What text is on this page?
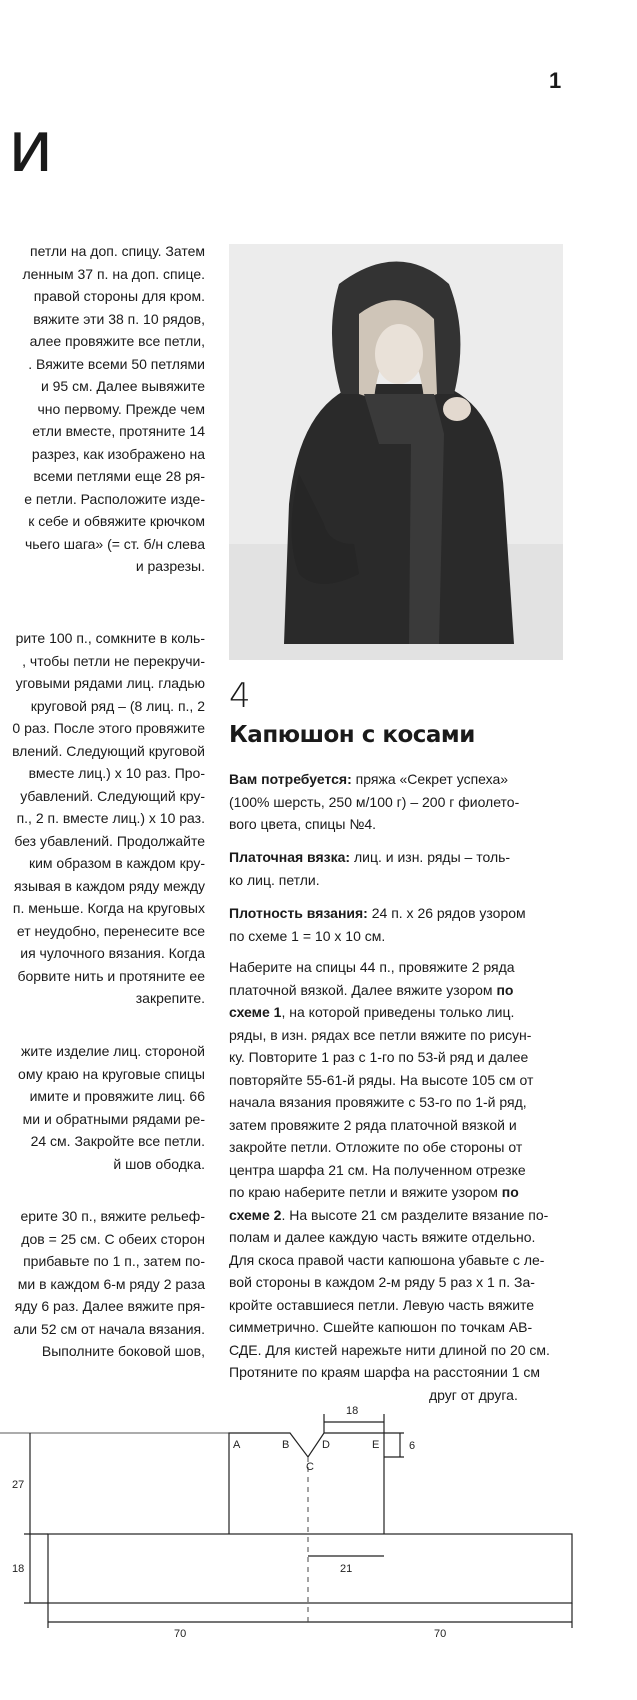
1
и
петли на доп. спицу. Затем
ленным 37 п. на доп. спице.
правой стороны для кром.
вяжите эти 38 п. 10 рядов,
алее провяжите все петли,
. Вяжите всеми 50 петлями
и 95 см. Далее вывяжите
чно первому. Прежде чем
етли вместе, протяните 14
разрез, как изображено на
всеми петлями еще 28 ря-
е петли. Расположите изде-
к себе и обвяжите крючком
чьего шага» (= ст. б/н слева
и разрезы.
рите 100 п., сомкните в коль-
, чтобы петли не перекручи-
уговыми рядами лиц. гладью
круговой ряд – (8 лиц. п., 2
0 раз. После этого провяжите
влений. Следующий круговой
вместе лиц.) х 10 раз. Про-
убавлений. Следующий кру-
п., 2 п. вместе лиц.) х 10 раз.
без убавлений. Продолжайте
ким образом в каждом кру-
язывая в каждом ряду между
п. меньше. Когда на круговых
ет неудобно, перенесите все
ия чулочного вязания. Когда
борвите нить и протяните ее
закрепите.
жите изделие лиц. стороной
ому краю на круговые спицы
имите и провяжите лиц. 66
ми и обратными рядами ре-
24 см. Закройте все петли.
й шов ободка.
ерите 30 п., вяжите рельеф-
дов = 25 см. С обеих сторон
прибавьте по 1 п., затем по-
ми в каждом 6-м ряду 2 раза
яду 6 раз. Далее вяжите пря-
али 52 см от начала вязания.
Выполните боковой шов,
4
Капюшон с косами
Вам потребуется: пряжа «Секрет успеха»
(100% шерсть, 250 м/100 г) – 200 г фиолето-
вого цвета, спицы №4.
Платочная вязка: лиц. и изн. ряды – толь-
ко лиц. петли.
Плотность вязания: 24 п. х 26 рядов узором
по схеме 1 = 10 х 10 см.
Наберите на спицы 44 п., провяжите 2 ряда
платочной вязкой. Далее вяжите узором по
схеме 1, на которой приведены только лиц.
ряды, в изн. рядах все петли вяжите по рисун-
ку. Повторите 1 раз с 1-го по 53-й ряд и далее
повторяйте 55-61-й ряды. На высоте 105 см от
начала вязания провяжите с 53-го по 1-й ряд,
затем провяжите 2 ряда платочной вязкой и
закройте петли. Отложите по обе стороны от
центра шарфа 21 см. На полученном отрезке
по краю наберите петли и вяжите узором по
схеме 2. На высоте 21 см разделите вязание по-
полам и далее каждую часть вяжите отдельно.
Для скоса правой части капюшона убавьте с ле-
вой стороны в каждом 2-м ряду 5 раз х 1 п. За-
кройте оставшиеся петли. Левую часть вяжите
симметрично. Сшейте капюшон по точкам АВ-
СДЕ. Для кистей нарежьте нити длиной по 20 см.
Протяните по краям шарфа на расстоянии 1 см
друг от друга.
A	B
C
D	E
18
6
27
18	21
70	70
